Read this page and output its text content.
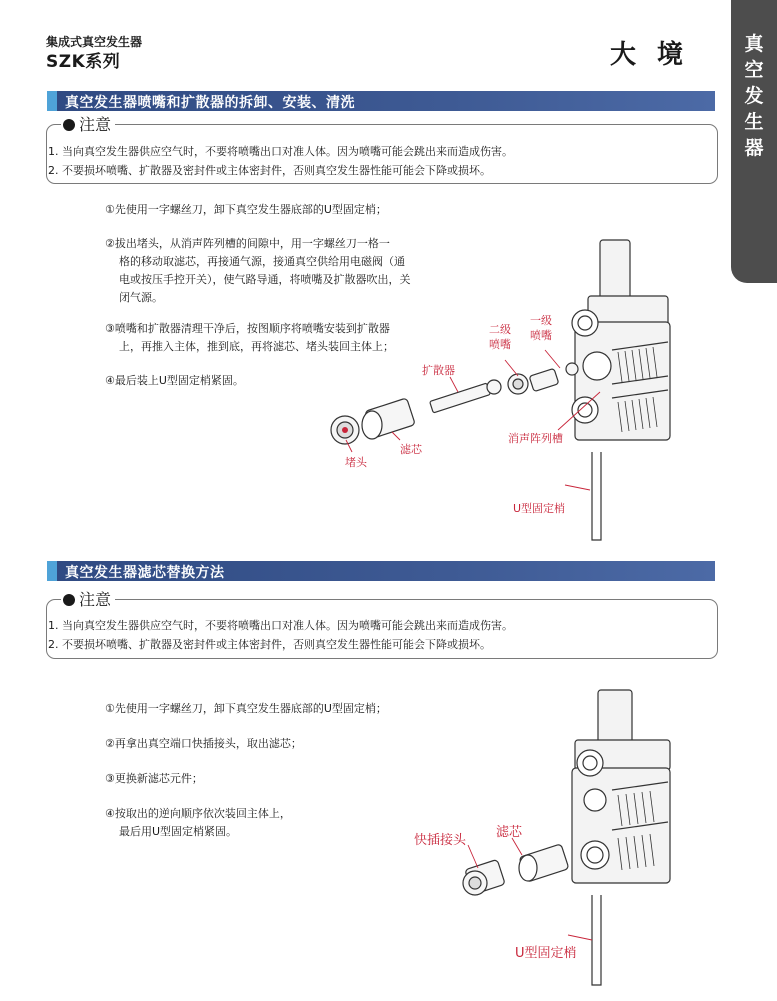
集成式真空发生器
SZK系列	大 境	真
空
发
生
器
真空发生器喷嘴和扩散器的拆卸、安装、清洗
注意
1. 当向真空发生器供应空气时，不要将喷嘴出口对准人体。因为喷嘴可能会跳出来而造成伤害。
2. 不要损坏喷嘴、扩散器及密封件或主体密封件，否则真空发生器性能可能会下降或损坏。
①先使用一字螺丝刀，卸下真空发生器底部的U型固定梢；
②拔出堵头，从消声阵列槽的间隙中，用一字螺丝刀一格一
格的移动取滤芯，再接通气源，接通真空供给用电磁阀（通
电或按压手控开关），使气路导通，将喷嘴及扩散器吹出，关
闭气源。
③喷嘴和扩散器清理干净后，按图顺序将喷嘴安装到扩散器
上，再推入主体，推到底，再将滤芯、堵头装回主体上；
④最后装上U型固定梢紧固。
二级
喷嘴
一级
喷嘴
扩散器
滤芯
堵头
消声阵列槽
U型固定梢
真空发生器滤芯替换方法
注意
1. 当向真空发生器供应空气时，不要将喷嘴出口对准人体。因为喷嘴可能会跳出来而造成伤害。
2. 不要损坏喷嘴、扩散器及密封件或主体密封件，否则真空发生器性能可能会下降或损坏。
①先使用一字螺丝刀，卸下真空发生器底部的U型固定梢；
②再拿出真空端口快插接头，取出滤芯；
③更换新滤芯元件；
④按取出的逆向顺序依次装回主体上，
最后用U型固定梢紧固。
快插接头
滤芯
U型固定梢
